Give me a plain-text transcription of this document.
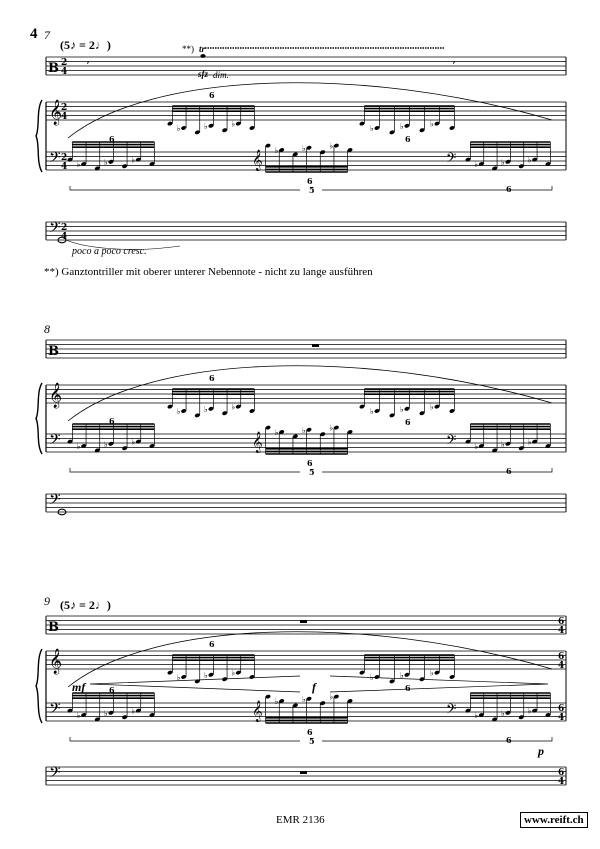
4 7
(5♪ = 2♩)	**) tr
sfz dim.
poco a poco cresc.
**) Ganztontriller mit oberer unterer Nebennote - nicht zu lange ausführen
8
9 (5♪ = 2♩)
mf	f
p
EMR 2136	www.reift.ch
B
𝄞
𝄢
𝄢
B
𝄞
𝄢
𝄢
B
𝄞
𝄢
𝄢
2
4
2
4
2
4
2
4
6
4
6
4
6
4
6
4
♭	♭	♭
6
♭	♭	♭
6
♭	♭	♭
6
♭	♭	♭
6
♭	♭	♭
6
𝄞	𝄢
5
♭	♭	♭
6
♭	♭	♭
6
♭	♭	♭
6
♭	♭	♭
6
♭	♭	♭
6
𝄞	𝄢
5
♭	♭	♭
6
♭	♭	♭
6
♭	♭	♭
6
♭	♭	♭
6
♭	♭	♭
6
𝄞	𝄢
5
’	’
